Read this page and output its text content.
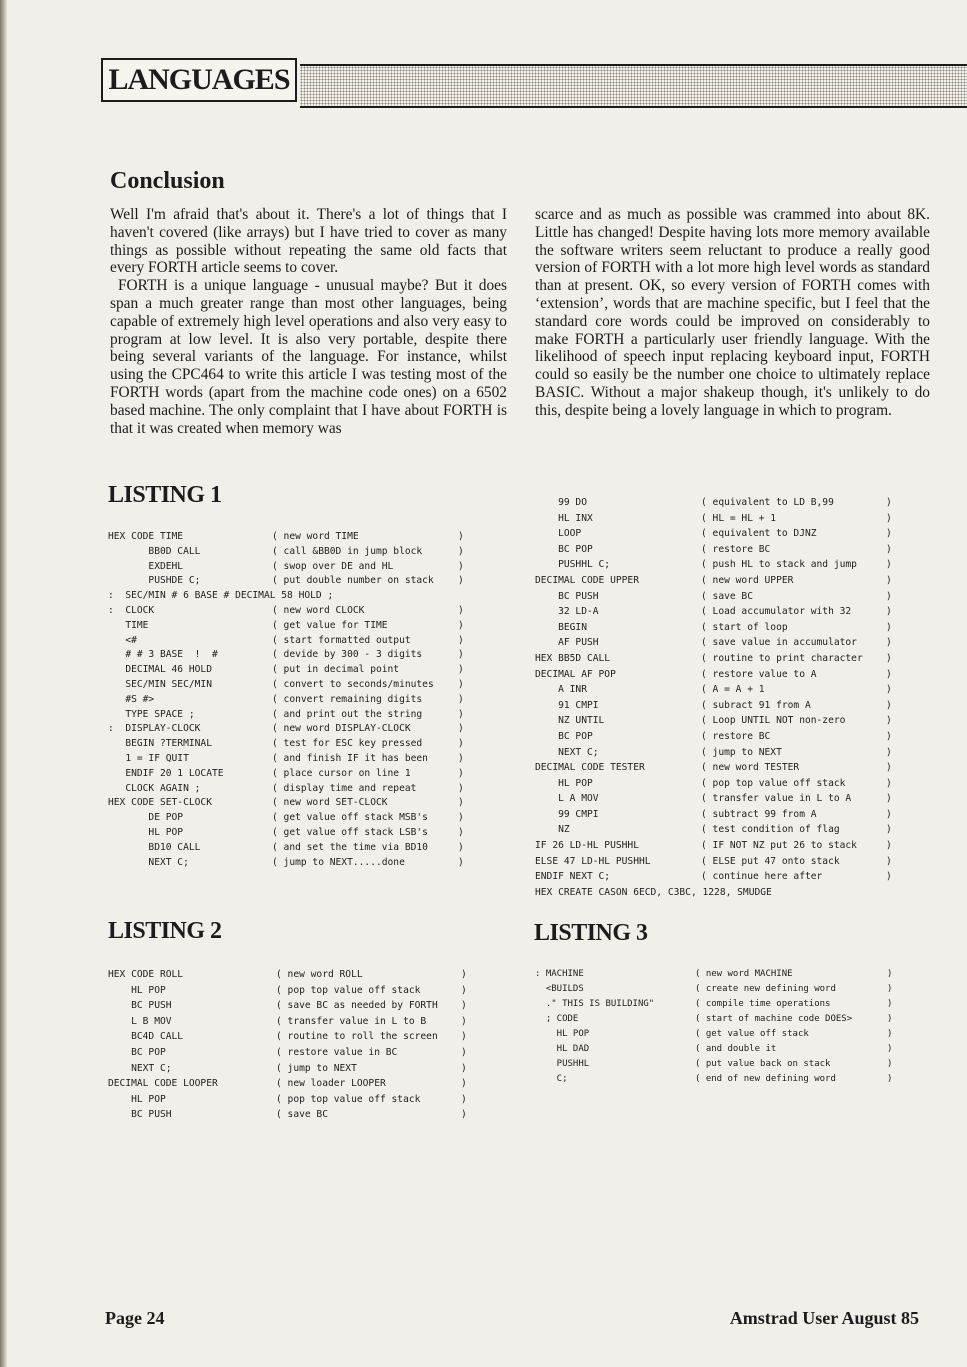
LANGUAGES
Conclusion

Well I'm afraid that's about it. There's a lot of things that I haven't covered (like arrays) but I have tried to cover as many things as possible without repeating the same old facts that every FORTH article seems to cover.

FORTH is a unique language - unusual maybe? But it does span a much greater range than most other languages, being capable of extremely high level operations and also very easy to program at low level. It is also very portable, despite there being several variants of the language. For instance, whilst using the CPC464 to write this article I was testing most of the FORTH words (apart from the machine code ones) on a 6502 based machine. The only complaint that I have about FORTH is that it was created when memory was

scarce and as much as possible was crammed into about 8K. Little has changed! Despite having lots more memory available the software writers seem reluctant to produce a really good version of FORTH with a lot more high level words as standard than at present. OK, so every version of FORTH comes with ‘extension’, words that are machine specific, but I feel that the standard core words could be improved on considerably to make FORTH a particularly user friendly language. With the likelihood of speech input replacing keyboard input, FORTH could so easily be the number one choice to ultimately replace BASIC. Without a major shakeup though, it's unlikely to do this, despite being a lovely language in which to program.

LISTING 1
HEX CODE TIME	( new word TIME	)
BB0D CALL	( call &BB0D in jump block	)
EXDEHL	( swop over DE and HL	)
PUSHDE C;	( put double number on stack	)
:  SEC/MIN # 6 BASE # DECIMAL 58 HOLD ;
:  CLOCK	( new word CLOCK	)
TIME	( get value for TIME	)
<#	( start formatted output	)
# # 3 BASE  !  #	( devide by 300 - 3 digits	)
DECIMAL 46 HOLD	( put in decimal point	)
SEC/MIN SEC/MIN	( convert to seconds/minutes	)
#S #>	( convert remaining digits	)
TYPE SPACE ;	( and print out the string	)
:  DISPLAY-CLOCK	( new word DISPLAY-CLOCK	)
BEGIN ?TERMINAL	( test for ESC key pressed	)
1 = IF QUIT	( and finish IF it has been	)
ENDIF 20 1 LOCATE	( place cursor on line 1	)
CLOCK AGAIN ;	( display time and repeat	)
HEX CODE SET-CLOCK	( new word SET-CLOCK	)
DE POP	( get value off stack MSB's	)
HL POP	( get value off stack LSB's	)
BD10 CALL	( and set the time via BD10	)
NEXT C;	( jump to NEXT.....done	)
99 DO	( equivalent to LD B,99	)
HL INX	( HL = HL + 1	)
LOOP	( equivalent to DJNZ	)
BC POP	( restore BC	)
PUSHHL C;	( push HL to stack and jump	)
DECIMAL CODE UPPER	( new word UPPER	)
BC PUSH	( save BC	)
32 LD-A	( Load accumulator with 32	)
BEGIN	( start of loop	)
AF PUSH	( save value in accumulator	)
HEX BB5D CALL	( routine to print character )
DECIMAL AF POP	( restore value to A	)
A INR	( A = A + 1	)
91 CMPI	( subract 91 from A	)
NZ UNTIL	( Loop UNTIL NOT non-zero	)
BC POP	( restore BC	)
NEXT C;	( jump to NEXT	)
DECIMAL CODE TESTER	( new word TESTER	)
HL POP	( pop top value off stack	)
L A MOV	( transfer value in L to A	)
99 CMPI	( subtract 99 from A	)
NZ	( test condition of flag	)
IF 26 LD-HL PUSHHL	( IF NOT NZ put 26 to stack	)
ELSE 47 LD-HL PUSHHL	( ELSE put 47 onto stack	)
ENDIF NEXT C;	( continue here after	)
HEX CREATE CASON 6ECD, C3BC, 1228, SMUDGE
LISTING 2
HEX CODE ROLL	( new word ROLL	)
HL POP	( pop top value off stack	)
BC PUSH	( save BC as needed by FORTH )
L B MOV	( transfer value in L to B	)
BC4D CALL	( routine to roll the screen )
BC POP	( restore value in BC	)
NEXT C;	( jump to NEXT	)
DECIMAL CODE LOOPER	( new loader LOOPER	)
HL POP	( pop top value off stack	)
BC PUSH	( save BC	)
LISTING 3
: MACHINE	( new word MACHINE	)
<BUILDS	( create new defining word	)
." THIS IS BUILDING"	( compile time operations	)
; CODE	( start of machine code DOES>	)
HL POP	( get value off stack	)
HL DAD	( and double it	)
PUSHHL	( put value back on stack	)
C;	( end of new defining word	)
Page 24	Amstrad User August 85
